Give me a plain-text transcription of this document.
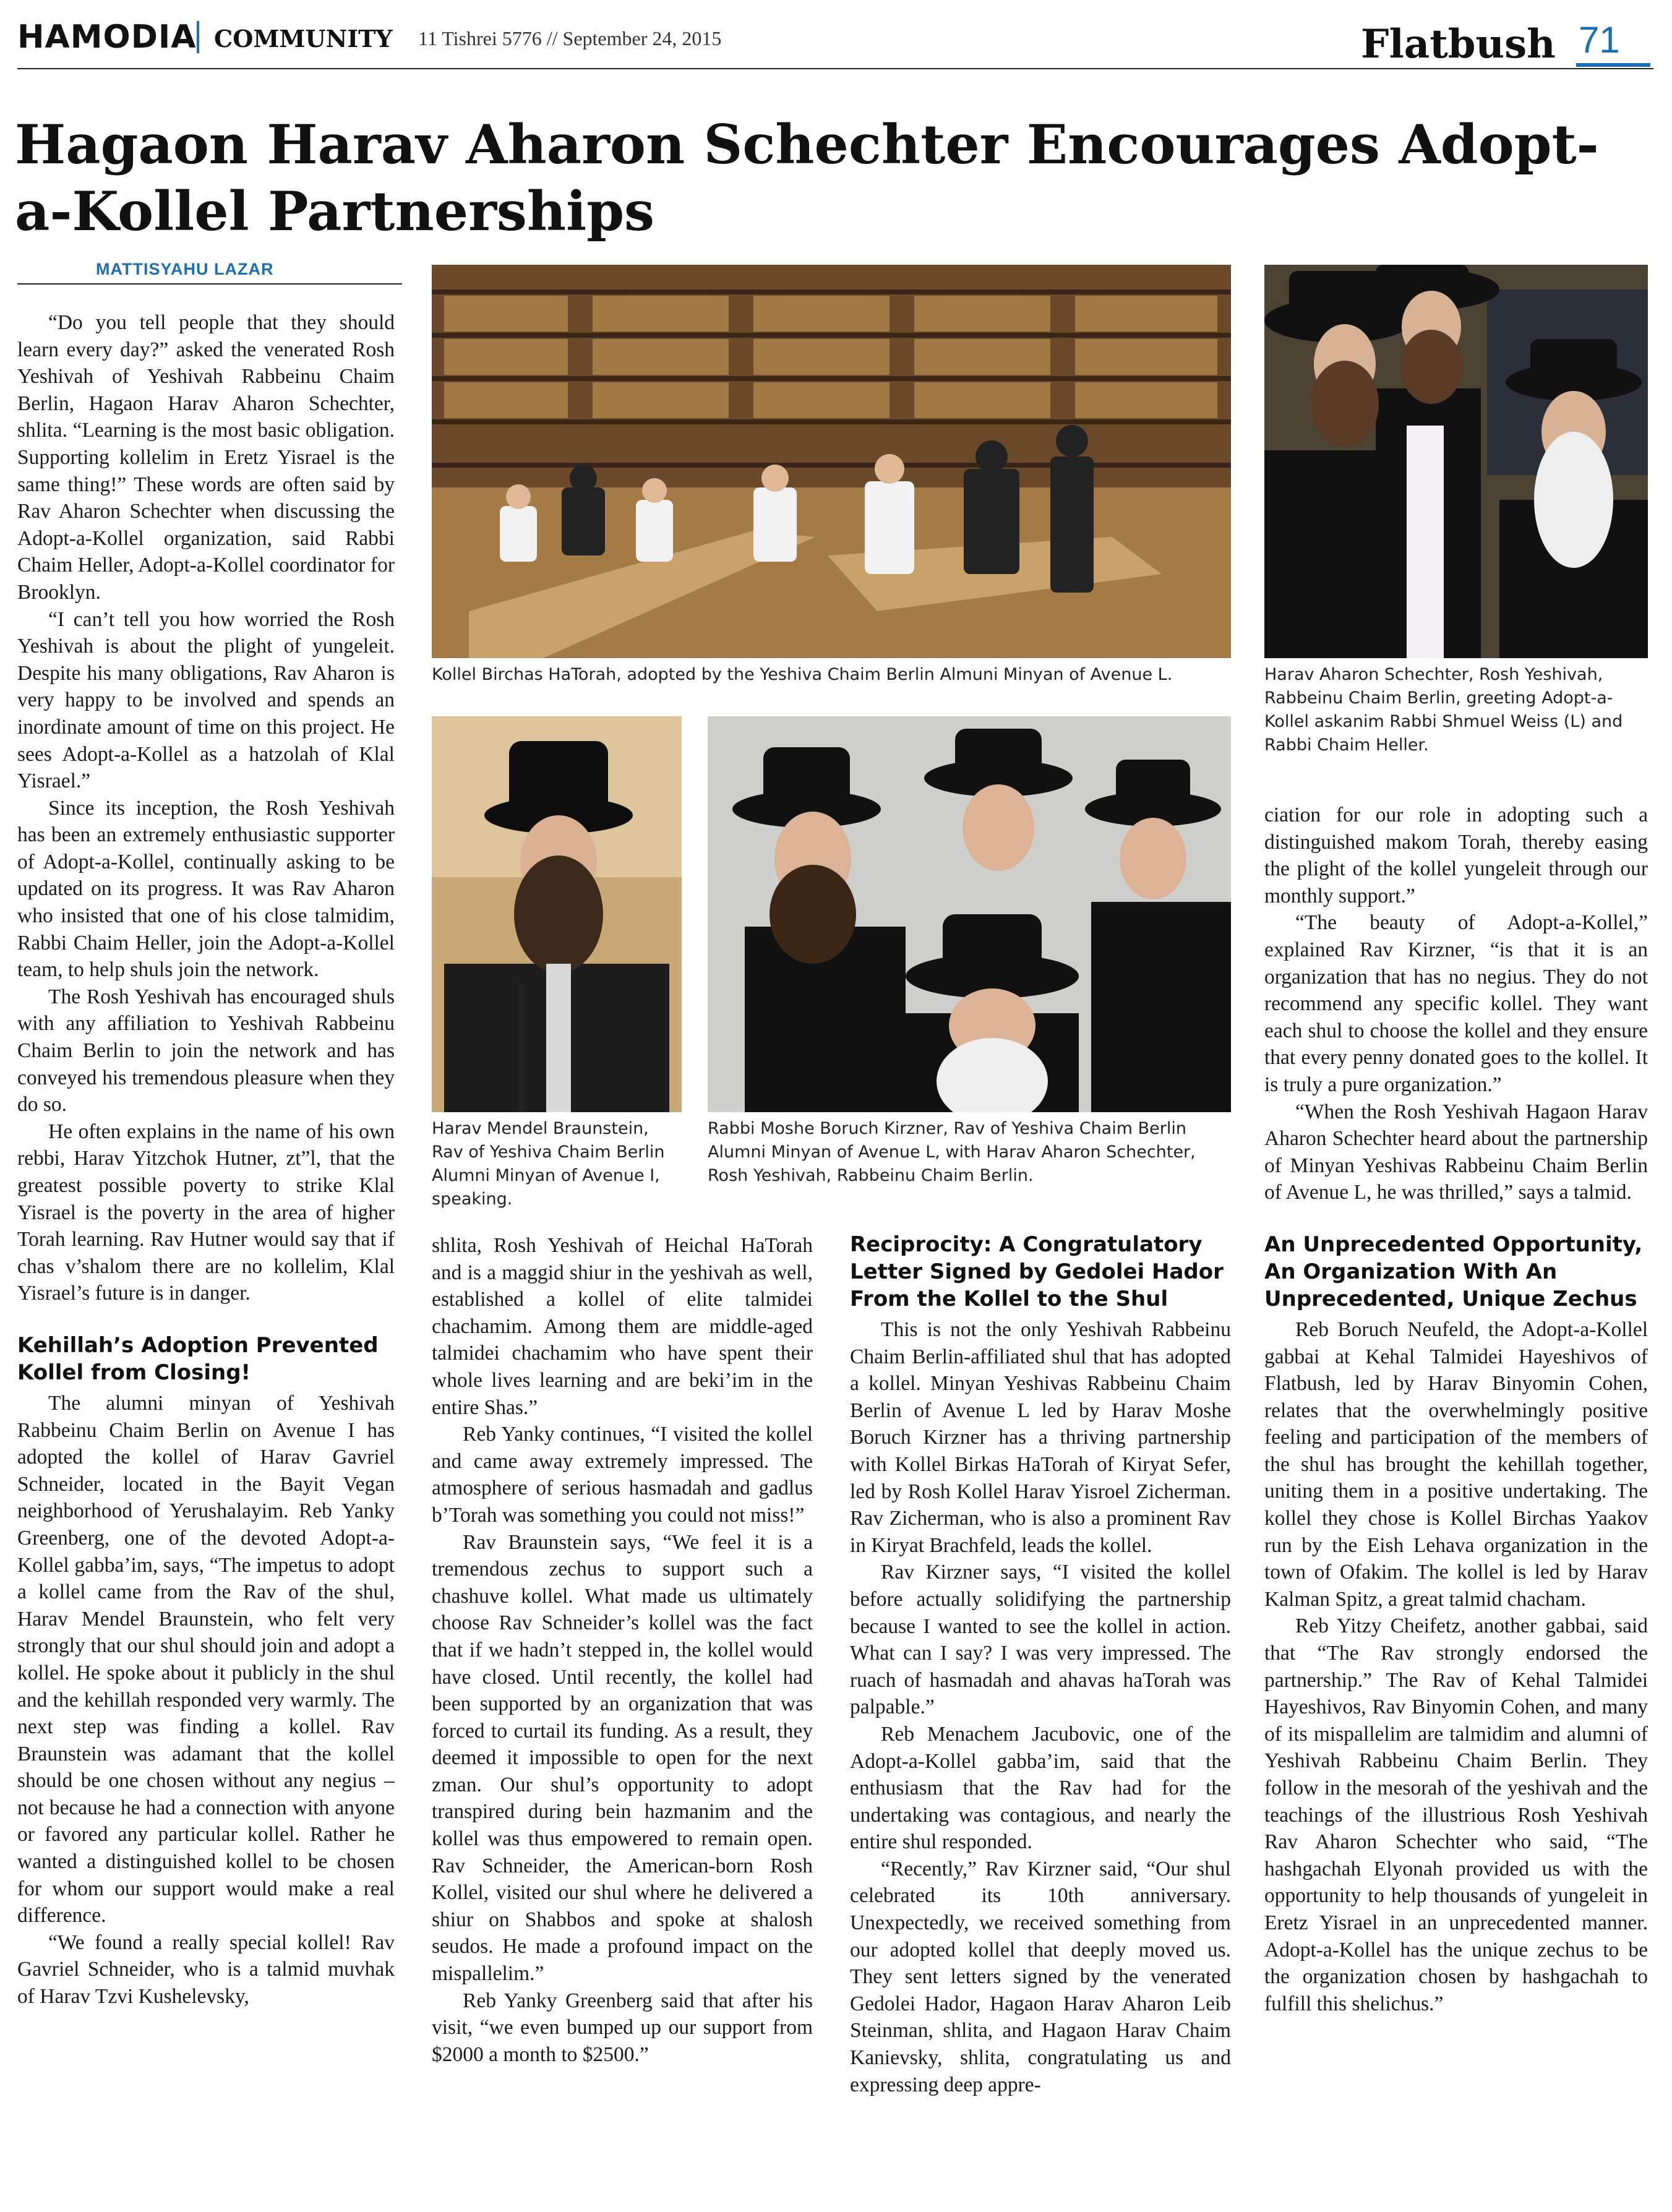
HAMODIA COMMUNITY 11 Tishrei 5776 // September 24, 2015	Flatbush 71
Hagaon Harav Aharon Schechter Encourages Adopt-a-Kollel Partnerships
MATTISYAHU LAZAR
Kollel Birchas HaTorah, adopted by the Yeshiva Chaim Berlin Almuni Minyan of Avenue L.	Harav Aharon Schechter, Rosh Yeshivah, Rabbeinu Chaim Berlin, greeting Adopt-a-Kollel askanim Rabbi Shmuel Weiss (L) and Rabbi Chaim Heller.
Harav Mendel Braunstein, Rav of Yeshiva Chaim Berlin Alumni Minyan of Avenue I, speaking.
Rabbi Moshe Boruch Kirzner, Rav of Yeshiva Chaim Berlin Alumni Minyan of Avenue L, with Harav Aharon Schechter, Rosh Yeshivah, Rabbeinu Chaim Berlin.

“Do you tell people that they should learn every day?” asked the venerated Rosh Yeshivah of Yeshivah Rabbeinu Chaim Berlin, Hagaon Harav Aharon Schechter, shlita. “Learning is the most basic obligation. Supporting kollelim in Eretz Yisrael is the same thing!” These words are often said by Rav Aharon Schechter when discussing the Adopt-a-Kollel organization, said Rabbi Chaim Heller, Adopt-a-Kollel coordinator for Brooklyn.

“I can’t tell you how worried the Rosh Yeshivah is about the plight of yungeleit. Despite his many obligations, Rav Aharon is very happy to be involved and spends an inordinate amount of time on this project. He sees Adopt-a-Kollel as a hatzolah of Klal Yisrael.”

Since its inception, the Rosh Yeshivah has been an extremely enthusiastic supporter of Adopt-a-Kollel, continually asking to be updated on its progress. It was Rav Aharon who insisted that one of his close talmidim, Rabbi Chaim Heller, join the Adopt-a-Kollel team, to help shuls join the network.

The Rosh Yeshivah has encouraged shuls with any affiliation to Yeshivah Rabbeinu Chaim Berlin to join the network and has conveyed his tremendous pleasure when they do so.

He often explains in the name of his own rebbi, Harav Yitzchok Hutner, zt”l, that the greatest possible poverty to strike Klal Yisrael is the poverty in the area of higher Torah learning. Rav Hutner would say that if chas v’shalom there are no kollelim, Klal Yisrael’s future is in danger.

Kehillah’s Adoption Prevented Kollel from Closing!

The alumni minyan of Yeshivah Rabbeinu Chaim Berlin on Avenue I has adopted the kollel of Harav Gavriel Schneider, located in the Bayit Vegan neighborhood of Yerushalayim. Reb Yanky Greenberg, one of the devoted Adopt-a-Kollel gabba’im, says, “The impetus to adopt a kollel came from the Rav of the shul, Harav Mendel Braunstein, who felt very strongly that our shul should join and adopt a kollel. He spoke about it publicly in the shul and the kehillah responded very warmly. The next step was finding a kollel. Rav Braunstein was adamant that the kollel should be one chosen without any negius – not because he had a connection with anyone or favored any particular kollel. Rather he wanted a distinguished kollel to be chosen for whom our support would make a real difference.

“We found a really special kollel! Rav Gavriel Schneider, who is a talmid muvhak of Harav Tzvi Kushelevsky,

shlita, Rosh Yeshivah of Heichal HaTorah and is a maggid shiur in the yeshivah as well, established a kollel of elite talmidei chachamim. Among them are middle-aged talmidei chachamim who have spent their whole lives learning and are beki’im in the entire Shas.”

Reb Yanky continues, “I visited the kollel and came away extremely impressed. The atmosphere of serious hasmadah and gadlus b’Torah was something you could not miss!”

Rav Braunstein says, “We feel it is a tremendous zechus to support such a chashuve kollel. What made us ultimately choose Rav Schneider’s kollel was the fact that if we hadn’t stepped in, the kollel would have closed. Until recently, the kollel had been supported by an organization that was forced to curtail its funding. As a result, they deemed it impossible to open for the next zman. Our shul’s opportunity to adopt transpired during bein hazmanim and the kollel was thus empowered to remain open. Rav Schneider, the American-born Rosh Kollel, visited our shul where he delivered a shiur on Shabbos and spoke at shalosh seudos. He made a profound impact on the mispallelim.”

Reb Yanky Greenberg said that after his visit, “we even bumped up our support from $2000 a month to $2500.”

Reciprocity: A Congratulatory Letter Signed by Gedolei Hador From the Kollel to the Shul

This is not the only Yeshivah Rabbeinu Chaim Berlin-affiliated shul that has adopted a kollel. Minyan Yeshivas Rabbeinu Chaim Berlin of Avenue L led by Harav Moshe Boruch Kirzner has a thriving partnership with Kollel Birkas HaTorah of Kiryat Sefer, led by Rosh Kollel Harav Yisroel Zicherman. Rav Zicherman, who is also a prominent Rav in Kiryat Brachfeld, leads the kollel.

Rav Kirzner says, “I visited the kollel before actually solidifying the partnership because I wanted to see the kollel in action. What can I say? I was very impressed. The ruach of hasmadah and ahavas haTorah was palpable.”

Reb Menachem Jacubovic, one of the Adopt-a-Kollel gabba’im, said that the enthusiasm that the Rav had for the undertaking was contagious, and nearly the entire shul responded.

“Recently,” Rav Kirzner said, “Our shul celebrated its 10th anniversary. Unexpectedly, we received something from our adopted kollel that deeply moved us. They sent letters signed by the venerated Gedolei Hador, Hagaon Harav Aharon Leib Steinman, shlita, and Hagaon Harav Chaim Kanievsky, shlita, congratulating us and expressing deep appre-

ciation for our role in adopting such a distinguished makom Torah, thereby easing the plight of the kollel yungeleit through our monthly support.”

“The beauty of Adopt-a-Kollel,” explained Rav Kirzner, “is that it is an organization that has no negius. They do not recommend any specific kollel. They want each shul to choose the kollel and they ensure that every penny donated goes to the kollel. It is truly a pure organization.”

“When the Rosh Yeshivah Hagaon Harav Aharon Schechter heard about the partnership of Minyan Yeshivas Rabbeinu Chaim Berlin of Avenue L, he was thrilled,” says a talmid.

An Unprecedented Opportunity, An Organization With An Unprecedented, Unique Zechus

Reb Boruch Neufeld, the Adopt-a-Kollel gabbai at Kehal Talmidei Hayeshivos of Flatbush, led by Harav Binyomin Cohen, relates that the overwhelmingly positive feeling and participation of the members of the shul has brought the kehillah together, uniting them in a positive undertaking. The kollel they chose is Kollel Birchas Yaakov run by the Eish Lehava organization in the town of Ofakim. The kollel is led by Harav Kalman Spitz, a great talmid chacham.

Reb Yitzy Cheifetz, another gabbai, said that “The Rav strongly endorsed the partnership.” The Rav of Kehal Talmidei Hayeshivos, Rav Binyomin Cohen, and many of its mispallelim are talmidim and alumni of Yeshivah Rabbeinu Chaim Berlin. They follow in the mesorah of the yeshivah and the teachings of the illustrious Rosh Yeshivah Rav Aharon Schechter who said, “The hashgachah Elyonah provided us with the opportunity to help thousands of yungeleit in Eretz Yisrael in an unprecedented manner. Adopt-a-Kollel has the unique zechus to be the organization chosen by hashgachah to fulfill this shelichus.”
